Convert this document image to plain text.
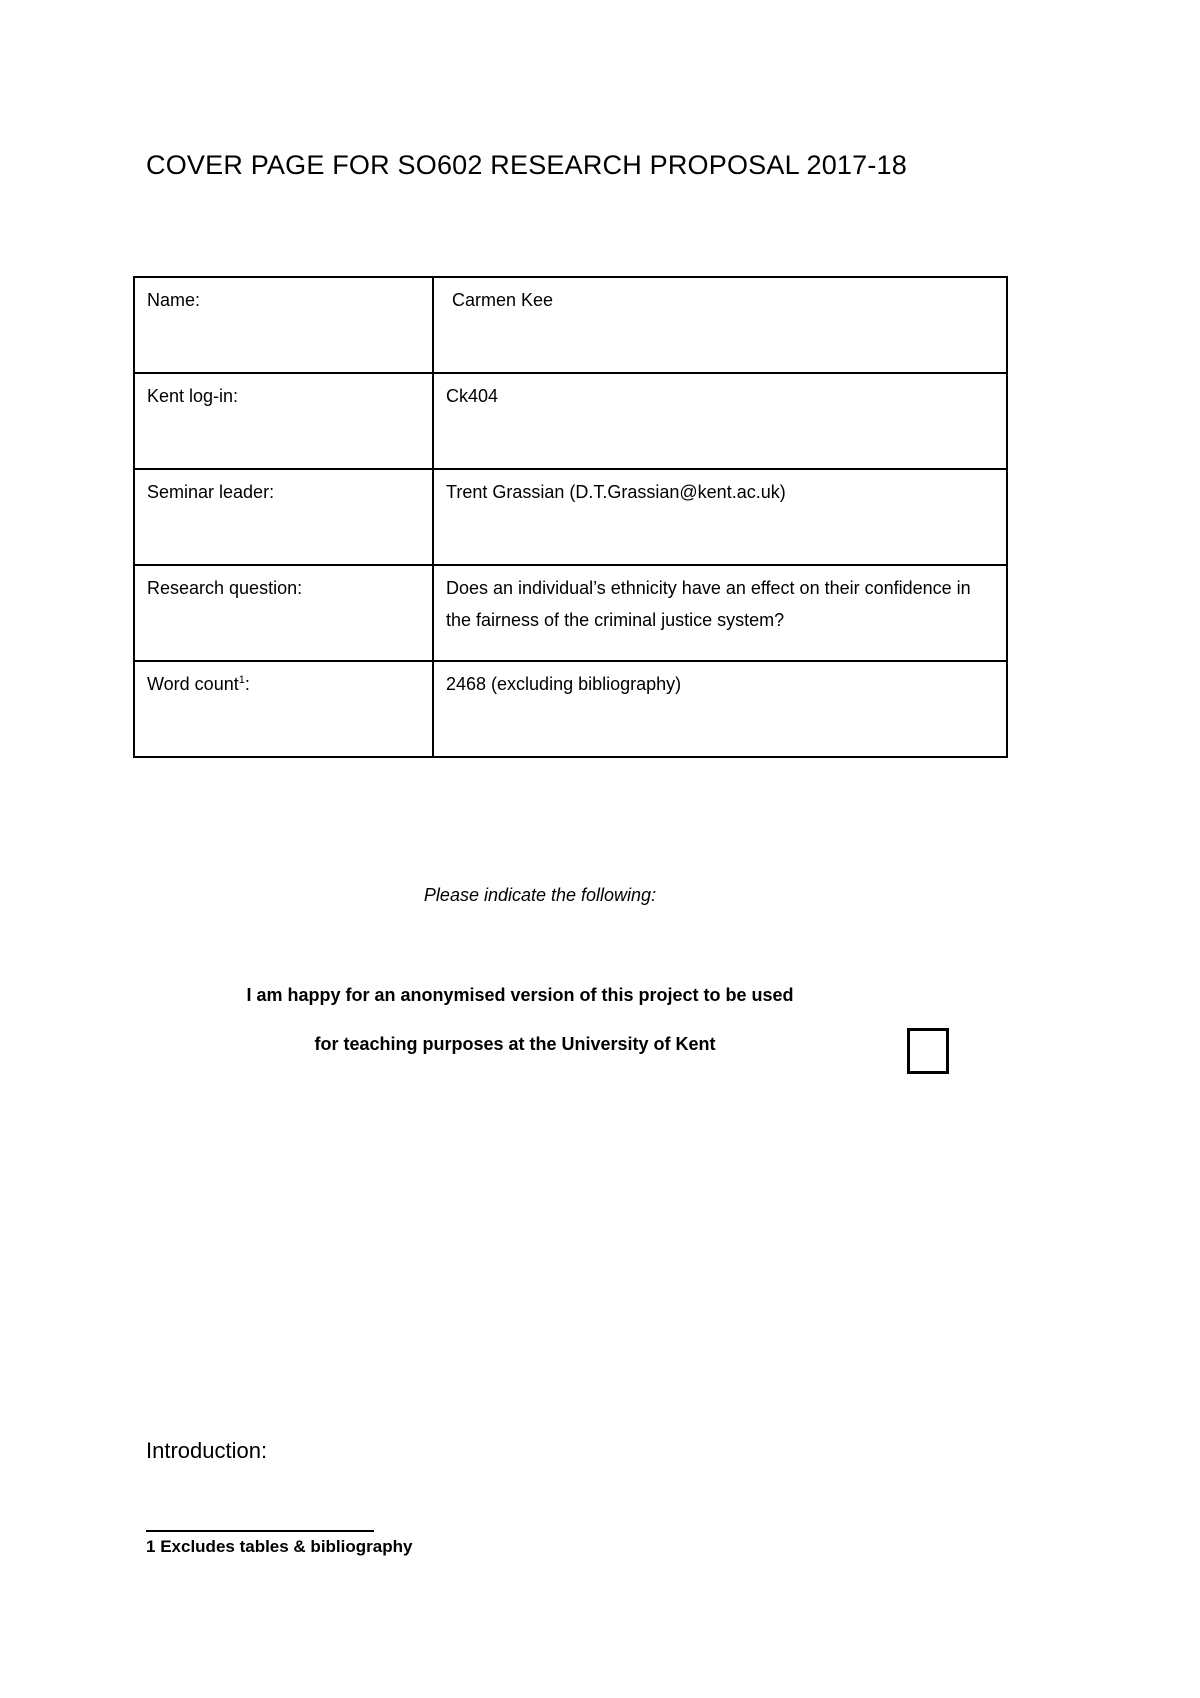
COVER PAGE FOR SO602 RESEARCH PROPOSAL 2017-18
Name:	Carmen Kee
Kent log-in:	Ck404
Seminar leader:	Trent Grassian (D.T.Grassian@kent.ac.uk)
Research question:	Does an individual’s ethnicity have an effect on their confidence in the fairness of the criminal justice system?
Word count$^1$:	2468 (excluding bibliography)
Please indicate the following:
I am happy for an anonymised version of this project to be used
for teaching purposes at the University of Kent
Introduction:
1 Excludes tables & bibliography
